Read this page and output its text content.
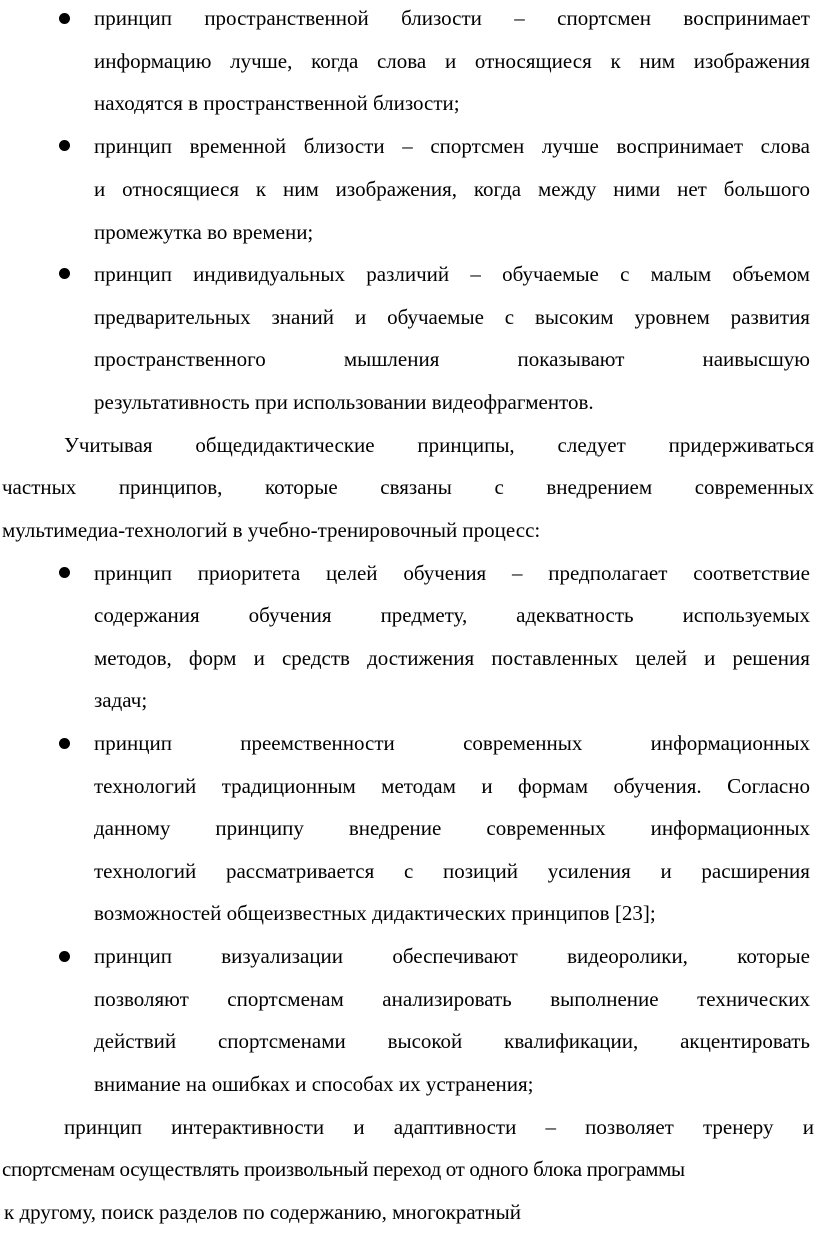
принцип пространственной близости – спортсмен воспринимает
информацию лучше, когда слова и относящиеся к ним изображения
находятся в пространственной близости;
принцип временной близости – спортсмен лучше воспринимает слова
и относящиеся к ним изображения, когда между ними нет большого
промежутка во времени;
принцип индивидуальных различий – обучаемые с малым объемом
предварительных знаний и обучаемые с высоким уровнем развития
пространственного	мышления	показывают	наивысшую
результативность при использовании видеофрагментов.
Учитывая общедидактические принципы, следует придерживаться
частных принципов, которые связаны с внедрением современных
мультимедиа-технологий в учебно-тренировочный процесс:
принцип приоритета целей обучения – предполагает соответствие
содержания обучения предмету, адекватность используемых
методов, форм и средств достижения поставленных целей и решения
задач;
принцип	преемственности	современных	информационных
технологий традиционным методам и формам обучения. Согласно
данному принципу внедрение современных информационных
технологий рассматривается с позиций усиления и расширения
возможностей общеизвестных дидактических принципов [23];
принцип визуализации обеспечивают видеоролики, которые
позволяют спортсменам анализировать выполнение технических
действий спортсменами высокой квалификации, акцентировать
внимание на ошибках и способах их устранения;
принцип интерактивности и адаптивности – позволяет тренеру и
спортсменам осуществлять произвольный переход от одного блока программы
к другому, поиск разделов по содержанию, многократный
